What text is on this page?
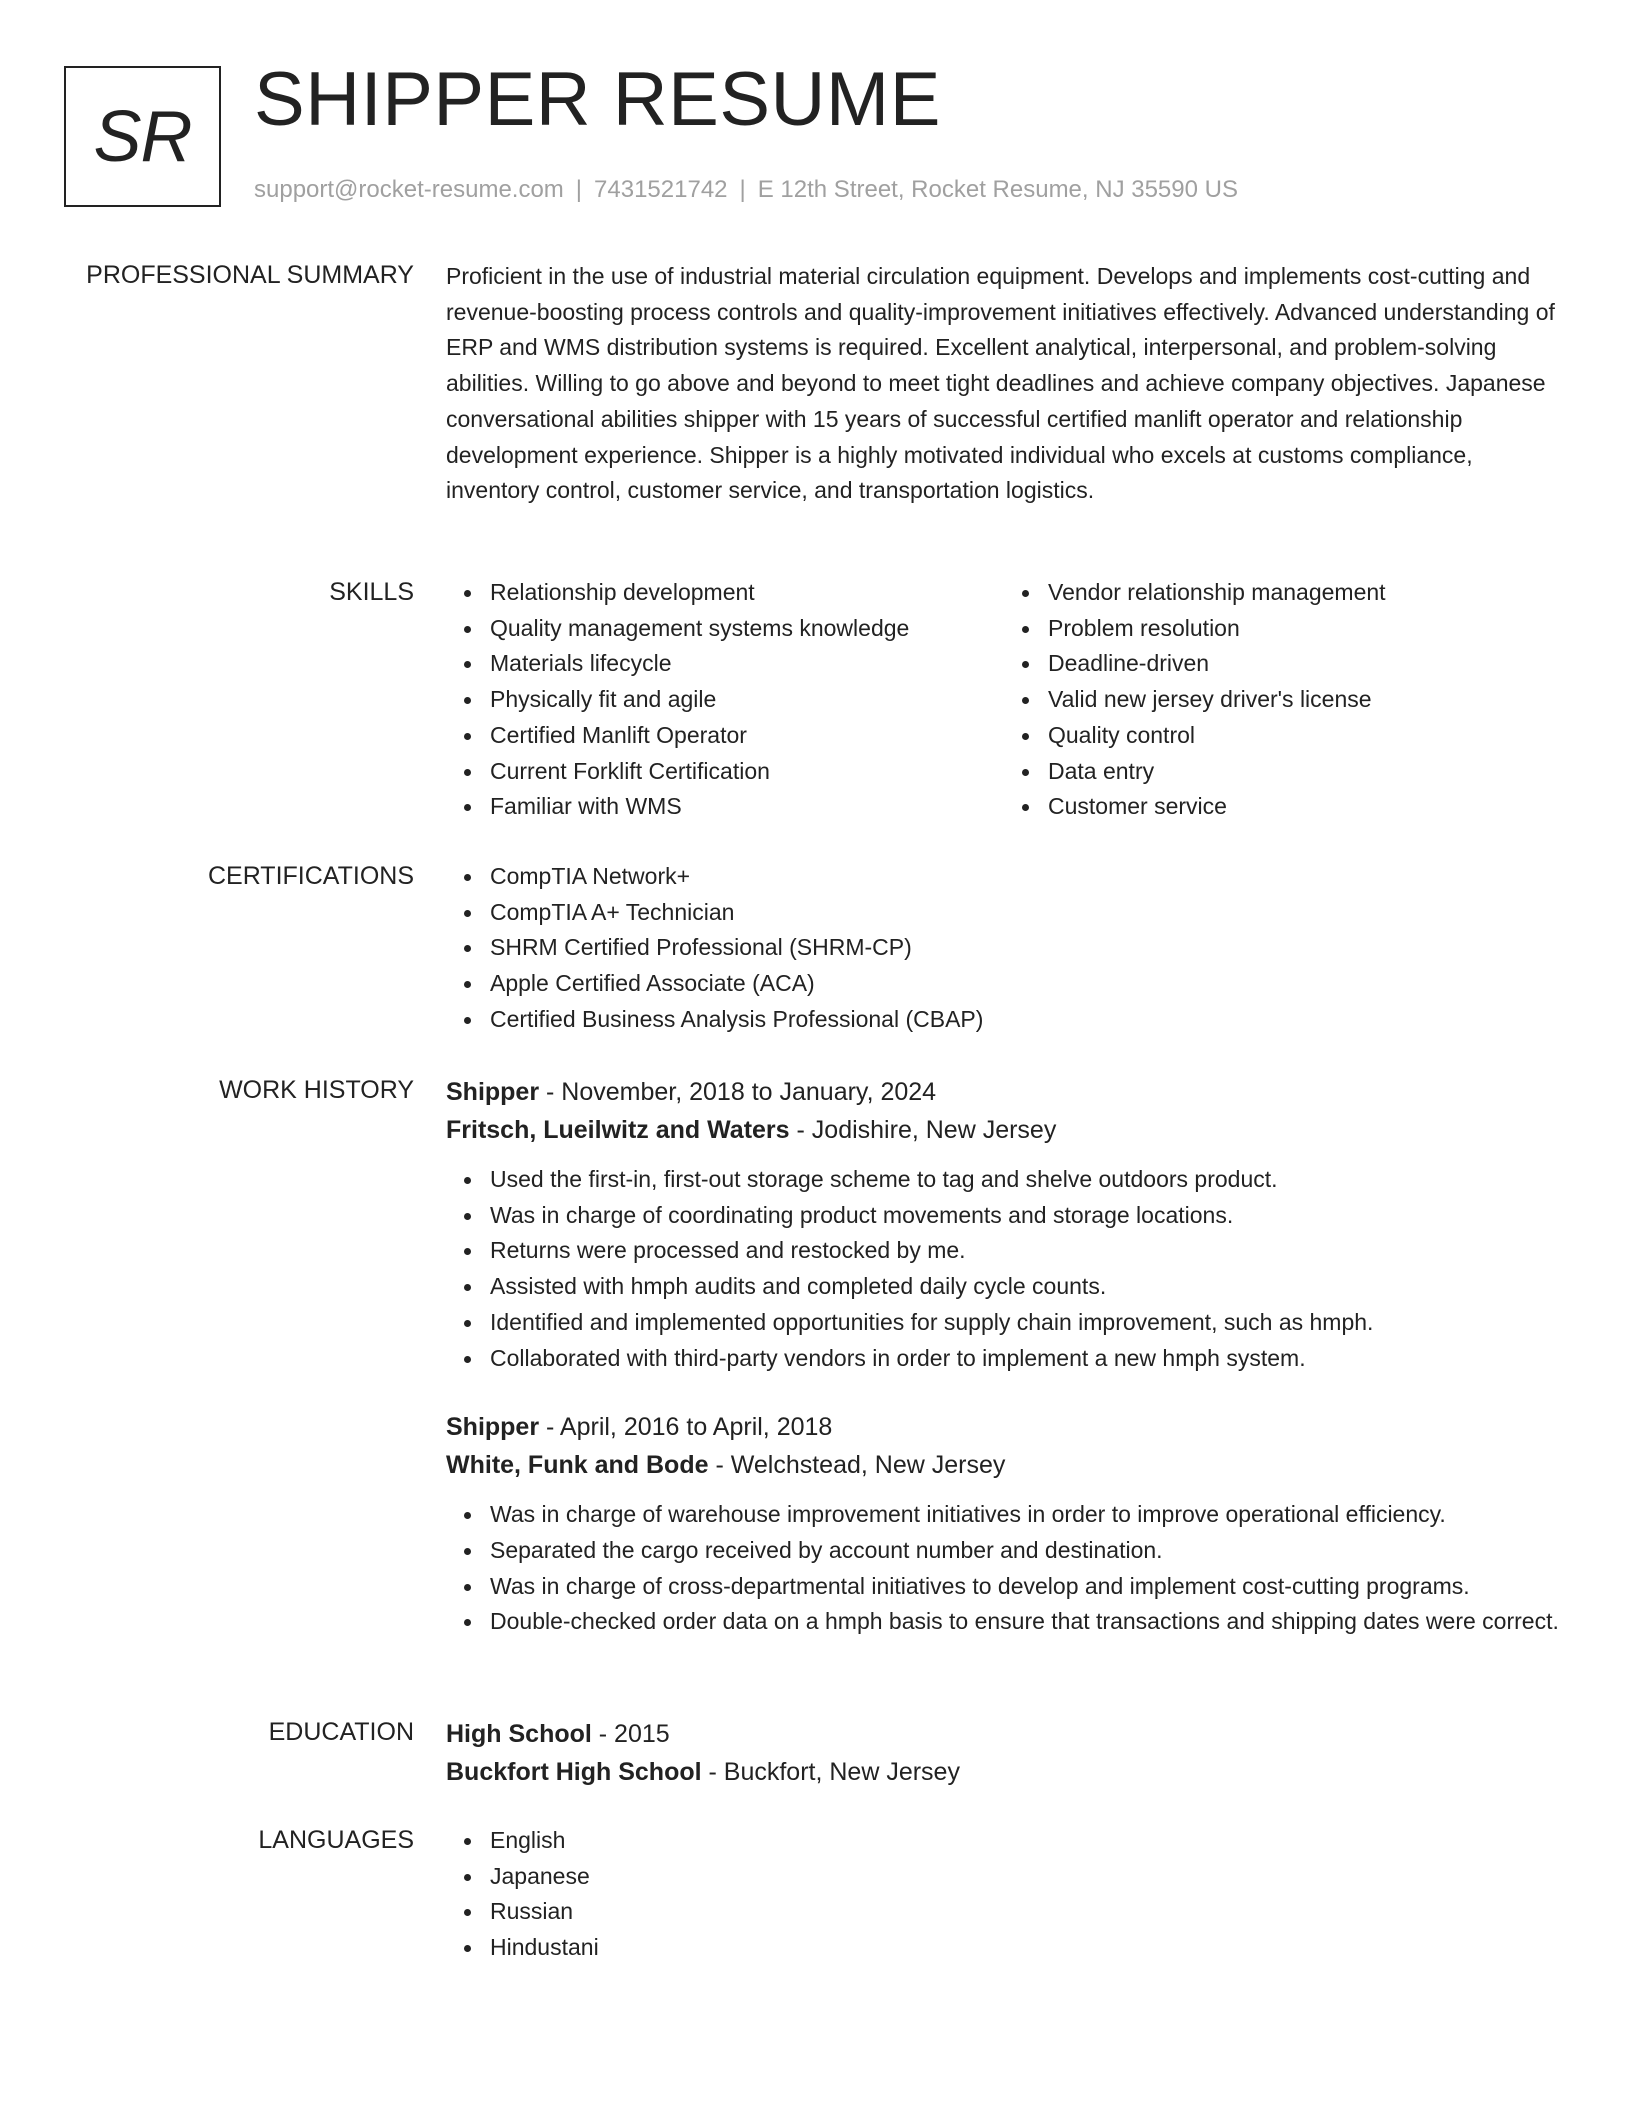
SR SHIPPER RESUME
support@rocket-resume.com | 7431521742 | E 12th Street, Rocket Resume, NJ 35590 US
PROFESSIONAL SUMMARY Proficient in the use of industrial material circulation equipment. Develops and implements cost-cutting and revenue-boosting process controls and quality-improvement initiatives effectively. Advanced understanding of ERP and WMS distribution systems is required. Excellent analytical, interpersonal, and problem-solving abilities. Willing to go above and beyond to meet tight deadlines and achieve company objectives. Japanese conversational abilities shipper with 15 years of successful certified manlift operator and relationship development experience. Shipper is a highly motivated individual who excels at customs compliance, inventory control, customer service, and transportation logistics.

SKILLS	Relationship development
Quality management systems knowledge
Materials lifecycle
Physically fit and agile
Certified Manlift Operator
Current Forklift Certification
Familiar with WMS
Vendor relationship management
Problem resolution
Deadline-driven
Valid new jersey driver's license
Quality control
Data entry
Customer service
CERTIFICATIONS	CompTIA Network+
CompTIA A+ Technician
SHRM Certified Professional (SHRM-CP)
Apple Certified Associate (ACA)
Certified Business Analysis Professional (CBAP)
WORK HISTORY Shipper - November, 2018 to January, 2024
Fritsch, Lueilwitz and Waters - Jodishire, New Jersey
Used the first-in, first-out storage scheme to tag and shelve outdoors product.
Was in charge of coordinating product movements and storage locations.
Returns were processed and restocked by me.
Assisted with hmph audits and completed daily cycle counts.
Identified and implemented opportunities for supply chain improvement, such as hmph.
Collaborated with third-party vendors in order to implement a new hmph system.
Shipper - April, 2016 to April, 2018
White, Funk and Bode - Welchstead, New Jersey
Was in charge of warehouse improvement initiatives in order to improve operational efficiency.
Separated the cargo received by account number and destination.
Was in charge of cross-departmental initiatives to develop and implement cost-cutting programs.
Double-checked order data on a hmph basis to ensure that transactions and shipping dates were correct.
EDUCATION High School - 2015
Buckfort High School - Buckfort, New Jersey
LANGUAGES	English
Japanese
Russian
Hindustani
